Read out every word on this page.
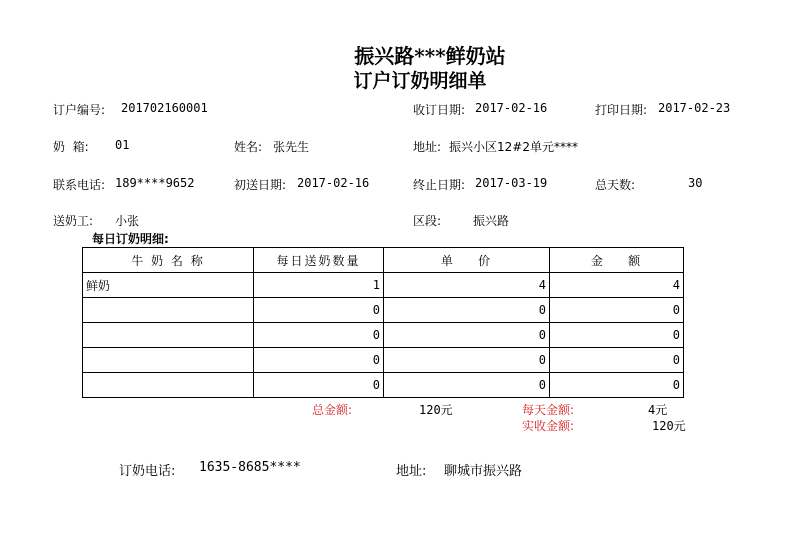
振兴路***鲜奶站
订户订奶明细单
订户编号: 201702160001	收订日期: 2017-02-16	打印日期: 2017-02-23
奶  箱: 01	姓名: 张先生	地址: 振兴小区12#2单元****
联系电话: 189****9652	初送日期: 2017-02-16	终止日期: 2017-03-19	总天数:	30
送奶工: 小张	区段:	振兴路
每日订奶明细:
牛 奶 名 称	每日送奶数量	单    价	金    额
鲜奶	1	4	4
	0	0	0
	0	0	0
	0	0	0
	0	0	0
总金额:	120元	每天金额:	4元
实收金额:	120元
订奶电话: 1635-8685****	地址: 聊城市振兴路
